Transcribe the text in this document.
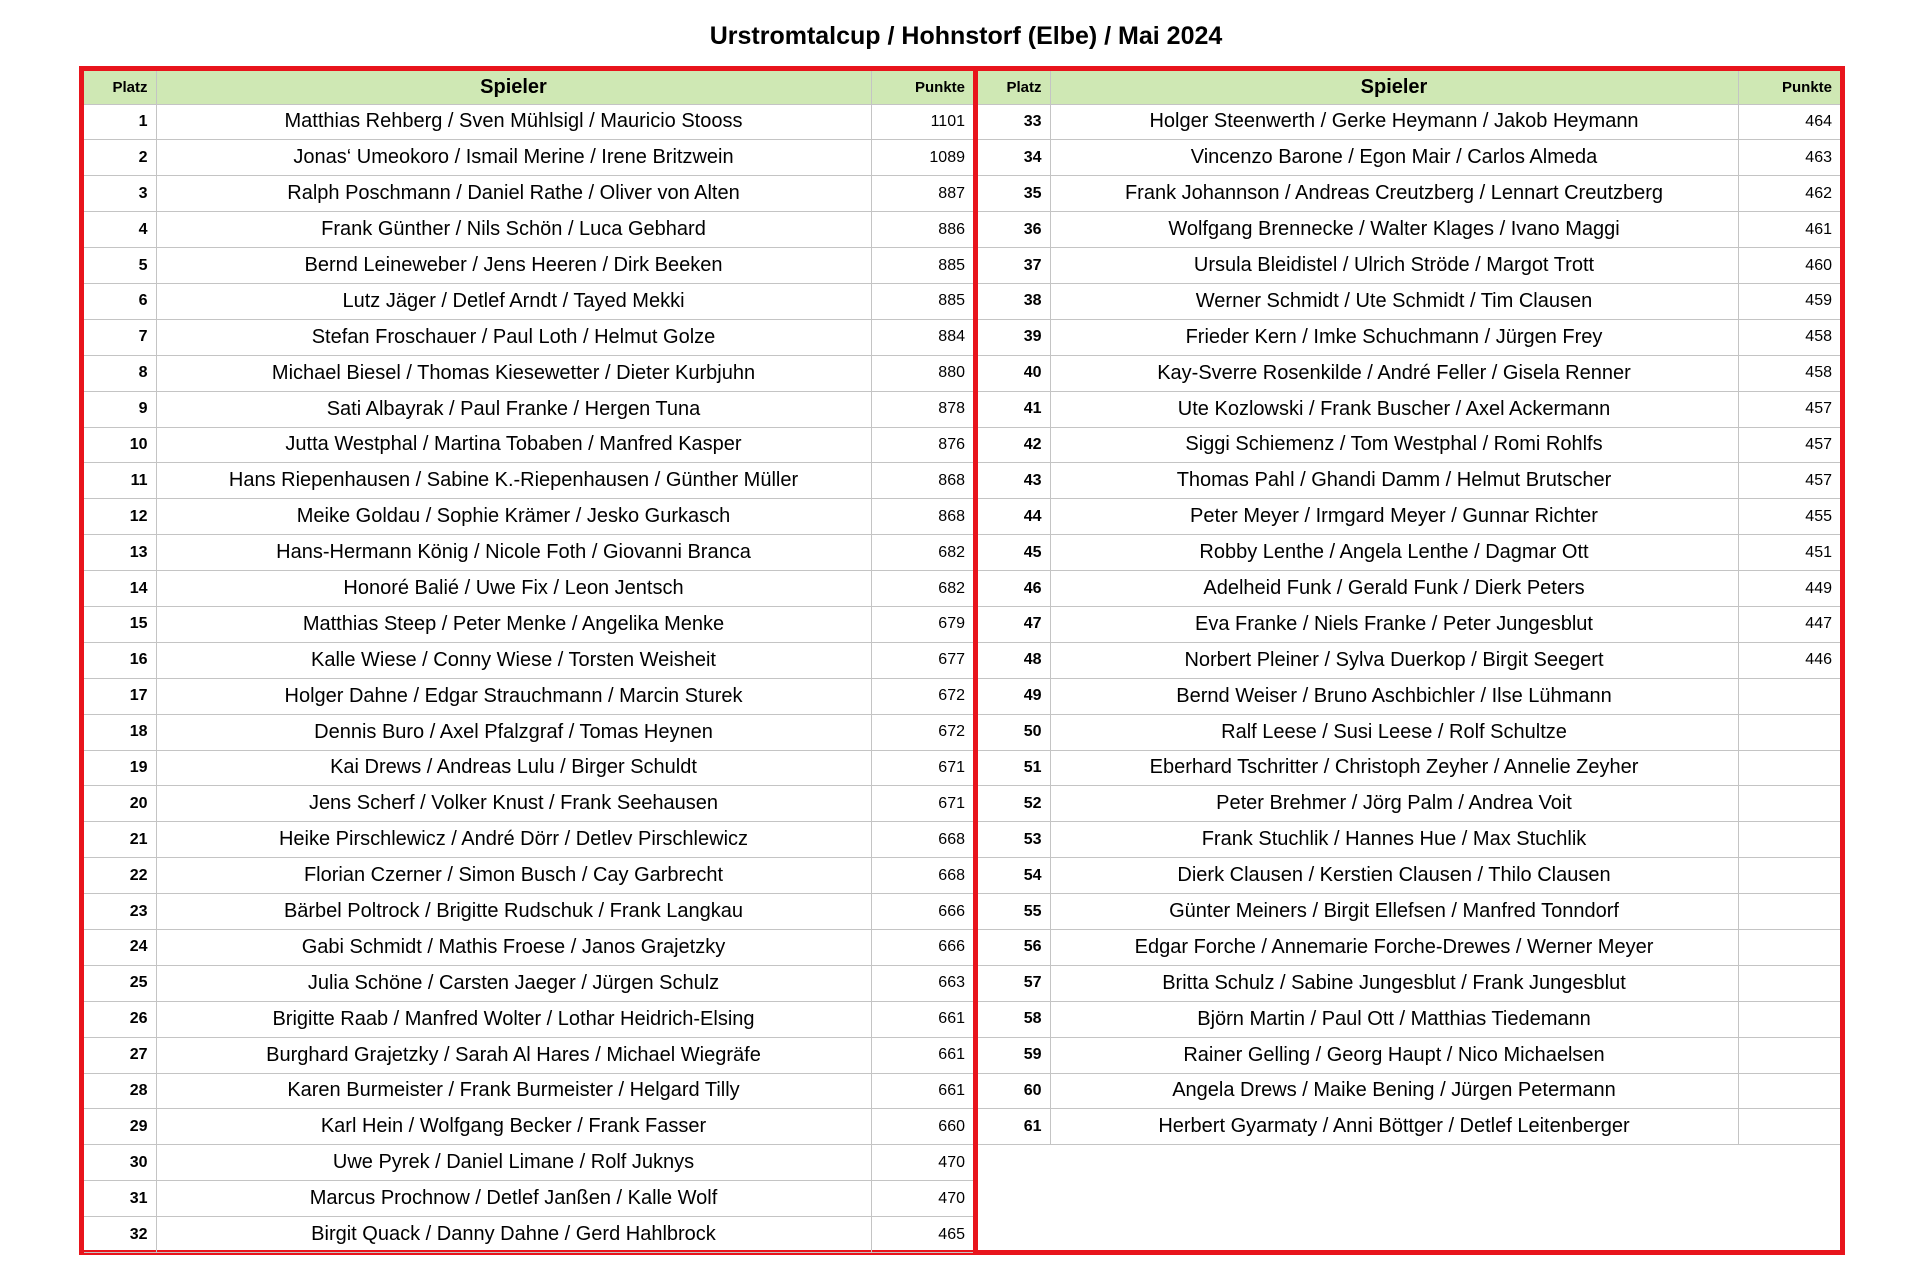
Urstromtalcup / Hohnstorf (Elbe) / Mai 2024
Platz	Spieler	Punkte
1	Matthias Rehberg / Sven Mühlsigl / Mauricio Stooss	1101
2	Jonas‘ Umeokoro / Ismail Merine / Irene Britzwein	1089
3	Ralph Poschmann / Daniel Rathe / Oliver von Alten	887
4	Frank Günther / Nils Schön / Luca Gebhard	886
5	Bernd Leineweber / Jens Heeren / Dirk Beeken	885
6	Lutz Jäger / Detlef Arndt / Tayed Mekki	885
7	Stefan Froschauer / Paul Loth / Helmut Golze	884
8	Michael Biesel / Thomas Kiesewetter / Dieter Kurbjuhn	880
9	Sati Albayrak / Paul Franke / Hergen Tuna	878
10	Jutta Westphal / Martina Tobaben / Manfred Kasper	876
11	Hans Riepenhausen / Sabine K.-Riepenhausen / Günther Müller	868
12	Meike Goldau / Sophie Krämer / Jesko Gurkasch	868
13	Hans-Hermann König / Nicole Foth / Giovanni Branca	682
14	Honoré Balié / Uwe Fix / Leon Jentsch	682
15	Matthias Steep / Peter Menke / Angelika Menke	679
16	Kalle Wiese / Conny Wiese / Torsten Weisheit	677
17	Holger Dahne / Edgar Strauchmann / Marcin Sturek	672
18	Dennis Buro / Axel Pfalzgraf / Tomas Heynen	672
19	Kai Drews / Andreas Lulu / Birger Schuldt	671
20	Jens Scherf / Volker Knust / Frank Seehausen	671
21	Heike Pirschlewicz / André Dörr / Detlev Pirschlewicz	668
22	Florian Czerner / Simon Busch / Cay Garbrecht	668
23	Bärbel Poltrock / Brigitte Rudschuk / Frank Langkau	666
24	Gabi Schmidt / Mathis Froese / Janos Grajetzky	666
25	Julia Schöne / Carsten Jaeger / Jürgen Schulz	663
26	Brigitte Raab / Manfred Wolter / Lothar Heidrich-Elsing	661
27	Burghard Grajetzky / Sarah Al Hares / Michael Wiegräfe	661
28	Karen Burmeister / Frank Burmeister / Helgard Tilly	661
29	Karl Hein / Wolfgang Becker / Frank Fasser	660
30	Uwe Pyrek / Daniel Limane / Rolf Juknys	470
31	Marcus Prochnow / Detlef Janßen / Kalle Wolf	470
32	Birgit Quack / Danny Dahne / Gerd Hahlbrock	465
Platz	Spieler	Punkte
33	Holger Steenwerth / Gerke Heymann / Jakob Heymann	464
34	Vincenzo Barone / Egon Mair / Carlos Almeda	463
35	Frank Johannson / Andreas Creutzberg / Lennart Creutzberg	462
36	Wolfgang Brennecke / Walter Klages / Ivano Maggi	461
37	Ursula Bleidistel / Ulrich Ströde / Margot Trott	460
38	Werner Schmidt / Ute Schmidt / Tim Clausen	459
39	Frieder Kern / Imke Schuchmann / Jürgen Frey	458
40	Kay-Sverre Rosenkilde / André Feller / Gisela Renner	458
41	Ute Kozlowski / Frank Buscher / Axel Ackermann	457
42	Siggi Schiemenz / Tom Westphal / Romi Rohlfs	457
43	Thomas Pahl / Ghandi Damm / Helmut Brutscher	457
44	Peter Meyer / Irmgard Meyer / Gunnar Richter	455
45	Robby Lenthe / Angela Lenthe / Dagmar Ott	451
46	Adelheid Funk / Gerald Funk / Dierk Peters	449
47	Eva Franke / Niels Franke / Peter Jungesblut	447
48	Norbert Pleiner / Sylva Duerkop / Birgit Seegert	446
49	Bernd Weiser / Bruno Aschbichler / Ilse Lühmann	
50	Ralf Leese / Susi Leese / Rolf Schultze	
51	Eberhard Tschritter / Christoph Zeyher / Annelie Zeyher	
52	Peter Brehmer / Jörg Palm / Andrea Voit	
53	Frank Stuchlik / Hannes Hue / Max Stuchlik	
54	Dierk Clausen / Kerstien Clausen / Thilo Clausen	
55	Günter Meiners / Birgit Ellefsen / Manfred Tonndorf	
56	Edgar Forche / Annemarie Forche-Drewes / Werner Meyer	
57	Britta Schulz / Sabine Jungesblut / Frank Jungesblut	
58	Björn Martin / Paul Ott / Matthias Tiedemann	
59	Rainer Gelling / Georg Haupt / Nico Michaelsen	
60	Angela Drews / Maike Bening / Jürgen Petermann	
61	Herbert Gyarmaty / Anni Böttger / Detlef Leitenberger	
